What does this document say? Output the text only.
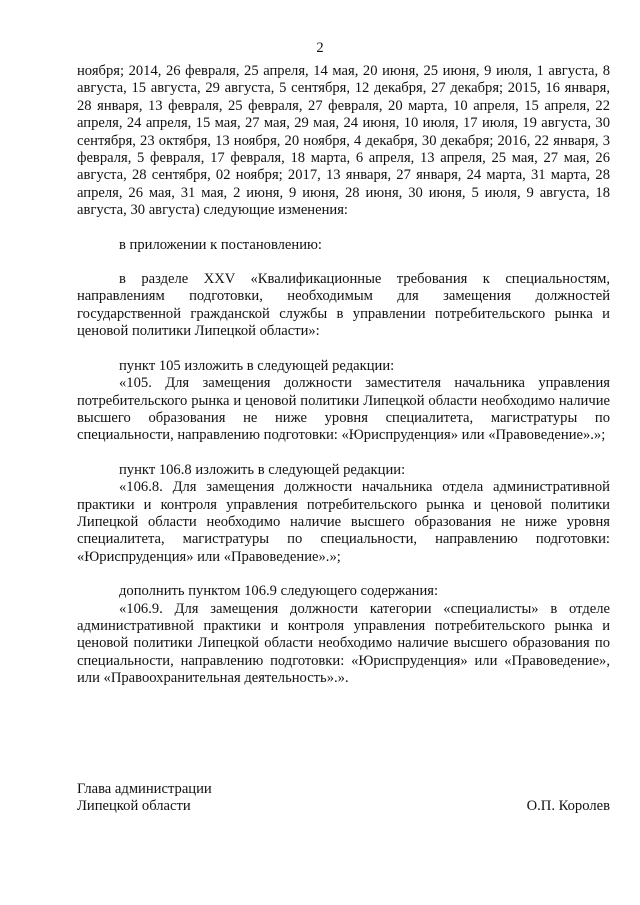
2

ноября; 2014, 26 февраля, 25 апреля, 14 мая, 20 июня, 25 июня, 9 июля, 1 августа, 8 августа, 15 августа, 29 августа, 5 сентября, 12 декабря, 27 декабря; 2015, 16 января, 28 января, 13 февраля, 25 февраля, 27 февраля, 20 марта, 10 апреля, 15 апреля, 22 апреля, 24 апреля, 15 мая, 27 мая, 29 мая, 24 июня, 10 июля, 17 июля, 19 августа, 30 сентября, 23 октября, 13 ноября, 20 ноября, 4 декабря, 30 декабря; 2016, 22 января, 3 февраля, 5 февраля, 17 февраля, 18 марта, 6 апреля, 13 апреля, 25 мая, 27 мая, 26 августа, 28 сентября, 02 ноября; 2017, 13 января, 27 января, 24 марта, 31 марта, 28 апреля, 26 мая, 31 мая, 2 июня, 9 июня, 28 июня, 30 июня, 5 июля, 9 августа, 18 августа, 30 августа) следующие изменения:

в приложении к постановлению:

в разделе XXV «Квалификационные требования к специальностям, направлениям подготовки, необходимым для замещения должностей государственной гражданской службы в управлении потребительского рынка и ценовой политики Липецкой области»:

пункт 105 изложить в следующей редакции:

«105. Для замещения должности заместителя начальника управления потребительского рынка и ценовой политики Липецкой области необходимо наличие высшего образования не ниже уровня специалитета, магистратуры по специальности, направлению подготовки: «Юриспруденция» или «Правоведение».»;

пункт 106.8 изложить в следующей редакции:

«106.8. Для замещения должности начальника отдела административной практики и контроля управления потребительского рынка и ценовой политики Липецкой области необходимо наличие высшего образования не ниже уровня специалитета, магистратуры по специальности, направлению подготовки: «Юриспруденция» или «Правоведение».»;

дополнить пунктом 106.9 следующего содержания:

«106.9. Для замещения должности категории «специалисты» в отделе административной практики и контроля управления потребительского рынка и ценовой политики Липецкой области необходимо наличие высшего образования по специальности, направлению подготовки: «Юриспруденция» или «Правоведение», или «Правоохранительная деятельность».».

Глава администрации
Липецкой области	О.П. Королев
